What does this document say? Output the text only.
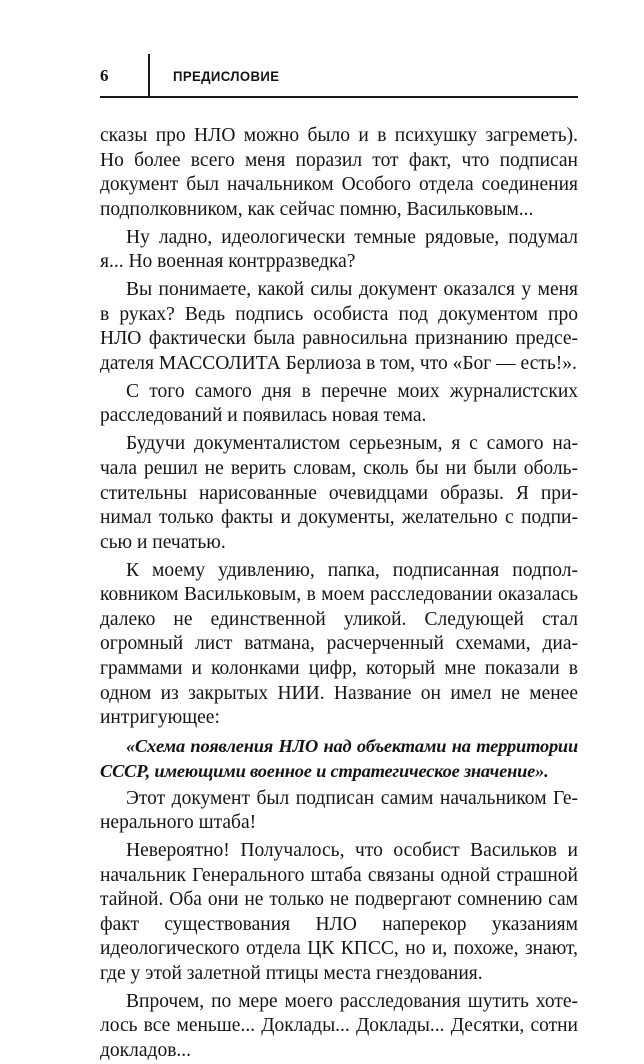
6	ПРЕДИСЛОВИЕ

сказы про НЛО можно было и в психушку загреметь). Но более всего меня поразил тот факт, что подписан документ был начальником Особого отдела соединения подполковником, как сейчас помню, Васильковым...

Ну ладно, идеологически темные рядовые, подумал я... Но военная контрразведка?

Вы понимаете, какой силы документ оказался у меня в руках? Ведь подпись особиста под документом про НЛО фактически была равносильна признанию председателя МАССОЛИТА Берлиоза в том, что «Бог — есть!».

С того самого дня в перечне моих журналистских расследований и появилась новая тема.

Будучи документалистом серьезным, я с самого начала решил не верить словам, сколь бы ни были обольстительны нарисованные очевидцами образы. Я принимал только факты и документы, желательно с подписью и печатью.

К моему удивлению, папка, подписанная подполковником Васильковым, в моем расследовании оказалась далеко не единственной уликой. Следующей стал огромный лист ватмана, расчерченный схемами, диаграммами и колонками цифр, который мне показали в одном из закрытых НИИ. Название он имел не менее интригующее:

«Схема появления НЛО над объектами на территории СССР, имеющими военное и стратегическое значение».

Этот документ был подписан самим начальником Генерального штаба!

Невероятно! Получалось, что особист Васильков и начальник Генерального штаба связаны одной страшной тайной. Оба они не только не подвергают сомнению сам факт существования НЛО наперекор указаниям идеологического отдела ЦК КПСС, но и, похоже, знают, где у этой залетной птицы места гнездования.

Впрочем, по мере моего расследования шутить хотелось все меньше... Доклады... Доклады... Десятки, сотни докладов...
